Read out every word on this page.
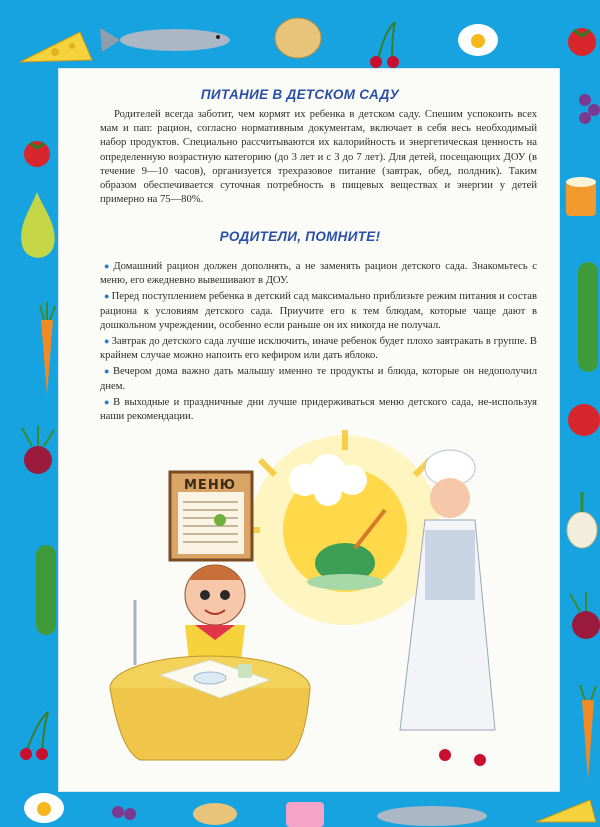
ПИТАНИЕ В ДЕТСКОМ САДУ

Родителей всегда заботит, чем кормят их ребенка в детском саду. Спешим успокоить всех мам и пап: рацион, согласно нормативным документам, включает в себя весь необходимый набор продуктов. Специально рассчитываются их калорийность и энергетическая ценность на определенную возрастную категорию (до 3 лет и с 3 до 7 лет). Для детей, посещающих ДОУ (в течение 9—10 часов), организуется трехразовое питание (завтрак, обед, полдник). Таким образом обеспечивается суточная потребность в пищевых веществах и энергии у детей примерно на 75—80%.

РОДИТЕЛИ, ПОМНИТЕ!
● Домашний рацион должен дополнять, а не заменять рацион детского сада. Знакомьтесь с меню, его ежедневно вывешивают в ДОУ.
● Перед поступлением ребенка в детский сад максимально приблизьте режим питания и состав рациона к условиям детского сада. Приучите его к тем блюдам, которые чаще дают в дошкольном учреждении, особенно если раньше он их никогда не получал.
● Завтрак до детского сада лучше исключить, иначе ребенок будет плохо завтракать в группе. В крайнем случае можно напоить его кефиром или дать яблоко.
● Вечером дома важно дать малышу именно те продукты и блюда, которые он недополучил днем.
● В выходные и праздничные дни лучше придерживаться меню детского сада, не-используя наши рекомендации.
МЕНЮ
